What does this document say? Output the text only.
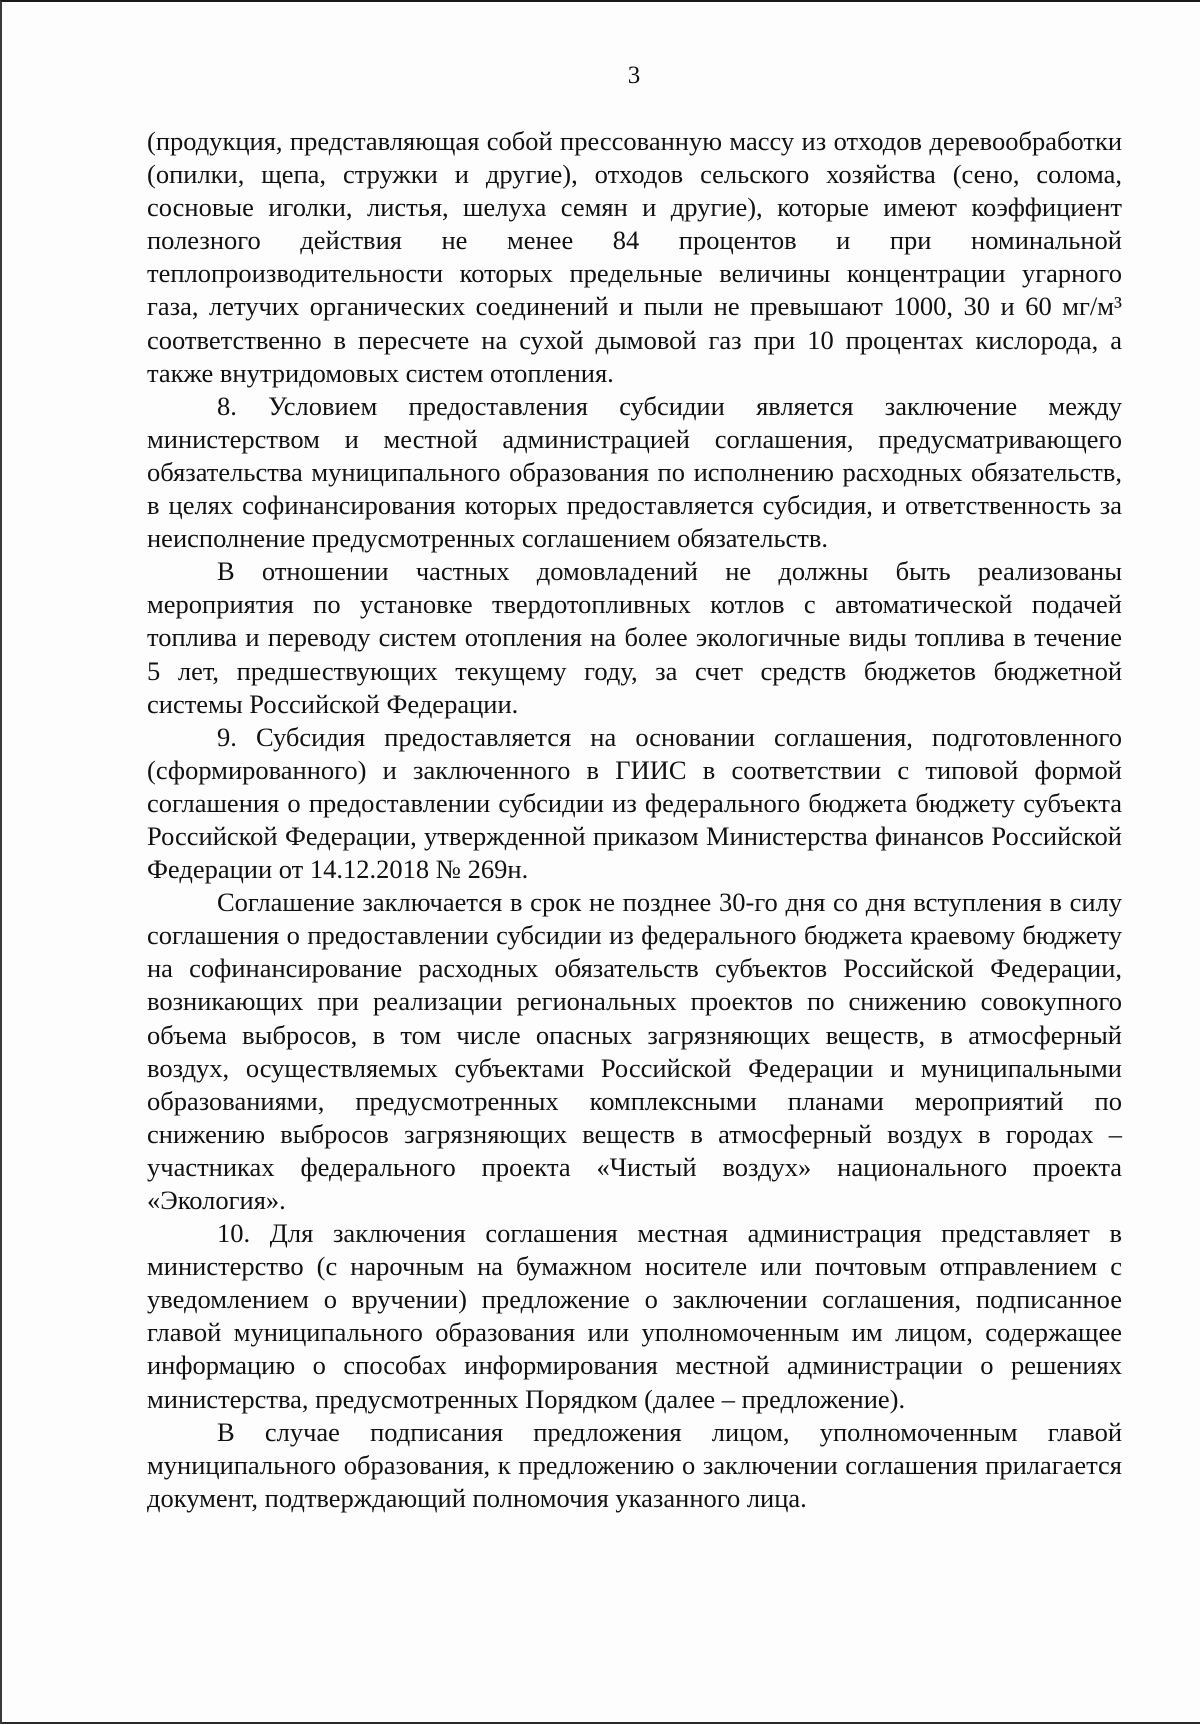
3

(продукция, представляющая собой прессованную массу из отходов деревообработки (опилки, щепа, стружки и другие), отходов сельского хозяйства (сено, солома, сосновые иголки, листья, шелуха семян и другие), которые имеют коэффициент полезного действия не менее 84 процентов и при номинальной теплопроизводительности которых предельные величины концентрации угарного газа, летучих органических соединений и пыли не превышают 1000, 30 и 60 мг/м³ соответственно в пересчете на сухой дымовой газ при 10 процентах кислорода, а также внутридомовых систем отопления.

8. Условием предоставления субсидии является заключение между министерством и местной администрацией соглашения, предусматривающего обязательства муниципального образования по исполнению расходных обязательств, в целях софинансирования которых предоставляется субсидия, и ответственность за неисполнение предусмотренных соглашением обязательств.

В отношении частных домовладений не должны быть реализованы мероприятия по установке твердотопливных котлов с автоматической подачей топлива и переводу систем отопления на более экологичные виды топлива в течение 5 лет, предшествующих текущему году, за счет средств бюджетов бюджетной системы Российской Федерации.

9. Субсидия предоставляется на основании соглашения, подготовленного (сформированного) и заключенного в ГИИС в соответствии с типовой формой соглашения о предоставлении субсидии из федерального бюджета бюджету субъекта Российской Федерации, утвержденной приказом Министерства финансов Российской Федерации от 14.12.2018 № 269н.

Соглашение заключается в срок не позднее 30-го дня со дня вступления в силу соглашения о предоставлении субсидии из федерального бюджета краевому бюджету на софинансирование расходных обязательств субъектов Российской Федерации, возникающих при реализации региональных проектов по снижению совокупного объема выбросов, в том числе опасных загрязняющих веществ, в атмосферный воздух, осуществляемых субъектами Российской Федерации и муниципальными образованиями, предусмотренных комплексными планами мероприятий по снижению выбросов загрязняющих веществ в атмосферный воздух в городах – участниках федерального проекта «Чистый воздух» национального проекта «Экология».

10. Для заключения соглашения местная администрация представляет в министерство (с нарочным на бумажном носителе или почтовым отправлением с уведомлением о вручении) предложение о заключении соглашения, подписанное главой муниципального образования или уполномоченным им лицом, содержащее информацию о способах информирования местной администрации о решениях министерства, предусмотренных Порядком (далее – предложение).

В случае подписания предложения лицом, уполномоченным главой муниципального образования, к предложению о заключении соглашения прилагается документ, подтверждающий полномочия указанного лица.
